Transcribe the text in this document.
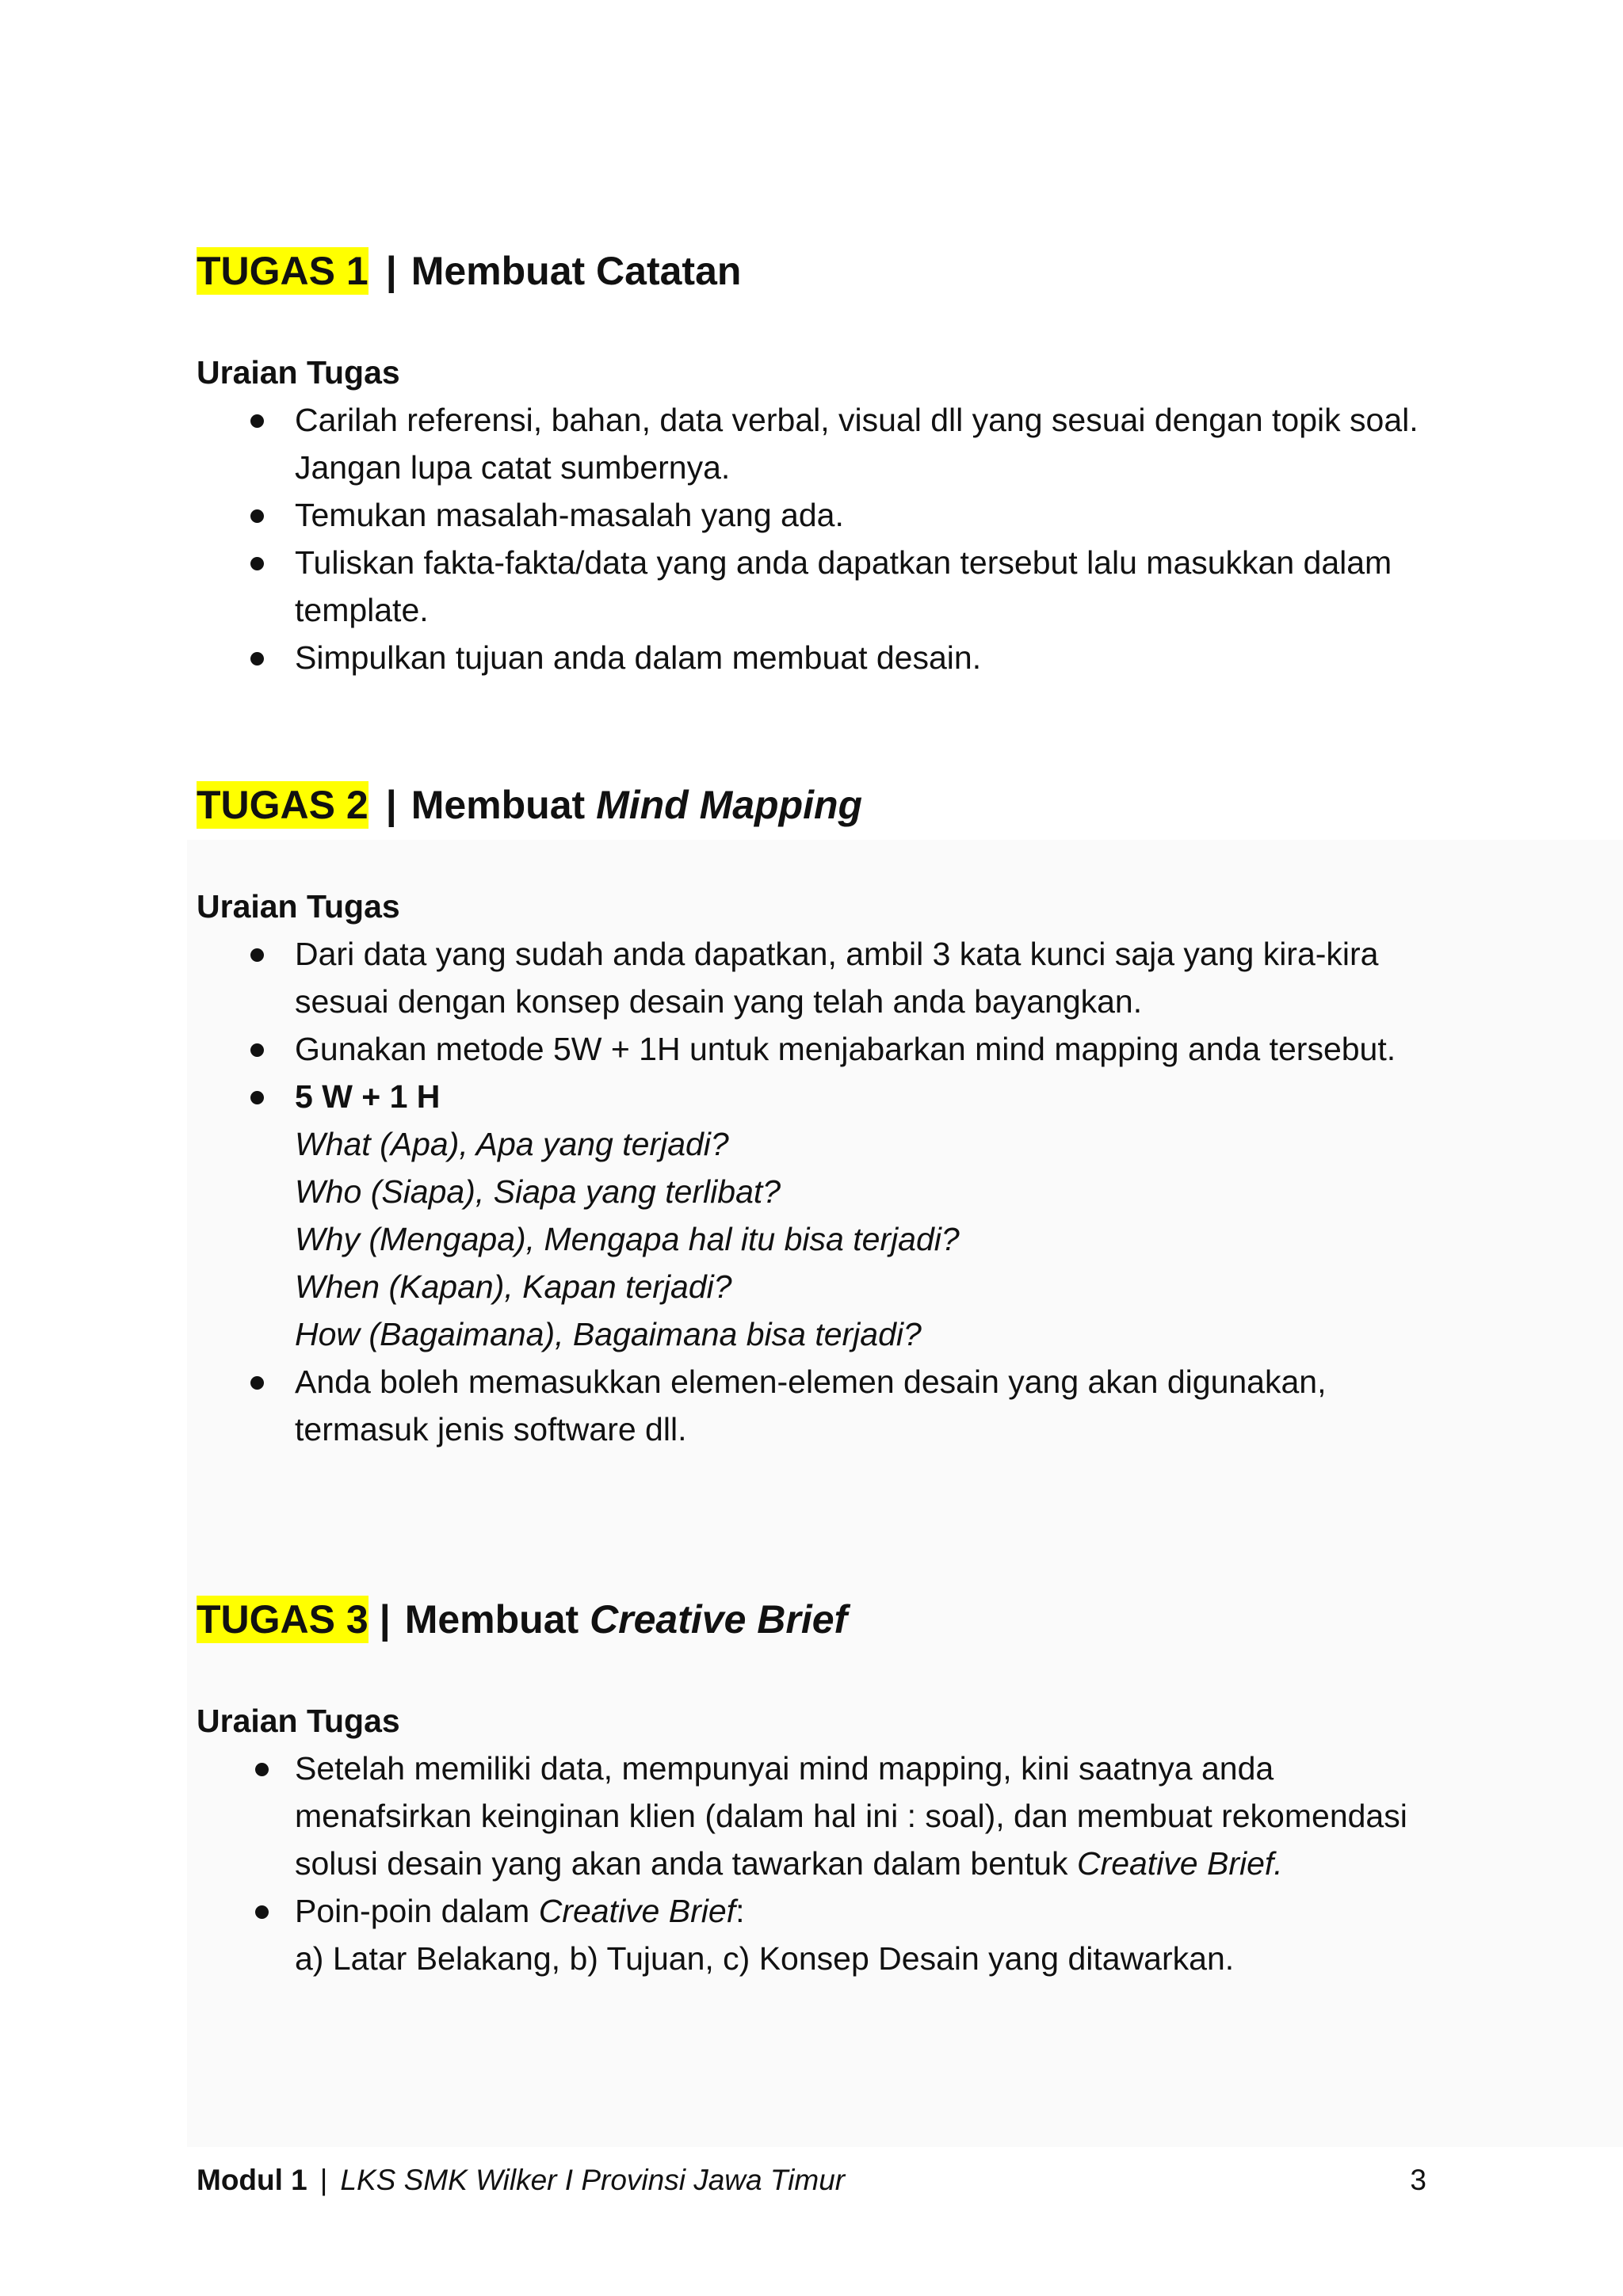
TUGAS 1 | Membuat Catatan
Uraian Tugas
Carilah referensi, bahan, data verbal, visual dll yang sesuai dengan topik soal. Jangan lupa catat sumbernya.
Temukan masalah-masalah yang ada.
Tuliskan fakta-fakta/data yang anda dapatkan tersebut lalu masukkan dalam template.
Simpulkan tujuan anda dalam membuat desain.
TUGAS 2 | Membuat Mind Mapping
Uraian Tugas
Dari data yang sudah anda dapatkan, ambil 3 kata kunci saja yang kira-kira sesuai dengan konsep desain yang telah anda bayangkan.
Gunakan metode 5W + 1H untuk menjabarkan mind mapping anda tersebut.
5 W + 1 H
What (Apa), Apa yang terjadi?
Who (Siapa), Siapa yang terlibat?
Why (Mengapa), Mengapa hal itu bisa terjadi?
When (Kapan), Kapan terjadi?
How (Bagaimana), Bagaimana bisa terjadi?
Anda boleh memasukkan elemen-elemen desain yang akan digunakan, termasuk jenis software dll.
TUGAS 3 | Membuat Creative Brief
Uraian Tugas
Setelah memiliki data, mempunyai mind mapping, kini saatnya anda menafsirkan keinginan klien (dalam hal ini : soal), dan membuat rekomendasi solusi desain yang akan anda tawarkan dalam bentuk Creative Brief.
Poin-poin dalam Creative Brief:
a) Latar Belakang, b) Tujuan, c) Konsep Desain yang ditawarkan.
Modul 1 | LKS SMK Wilker I Provinsi Jawa Timur	3
